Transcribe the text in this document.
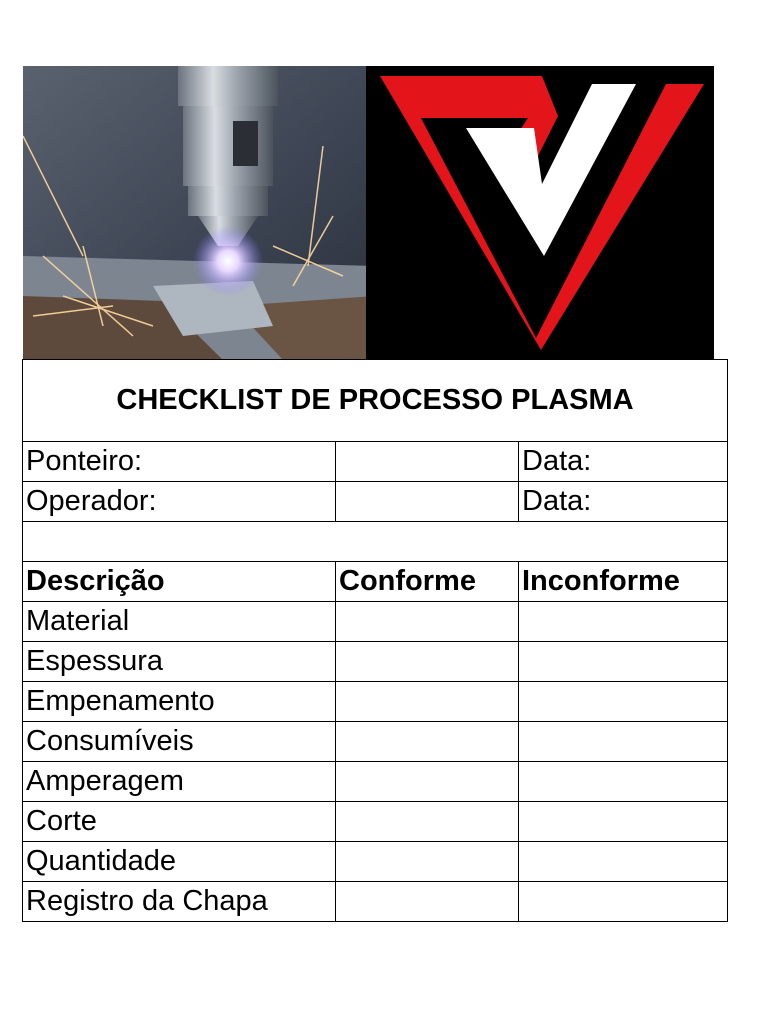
CHECKLIST DE PROCESSO PLASMA		
Ponteiro:		Data:
Operador:		Data:

Descrição	Conforme	Inconforme
Material		
Espessura		
Empenamento		
Consumíveis		
Amperagem		
Corte		
Quantidade		
Registro da Chapa		
